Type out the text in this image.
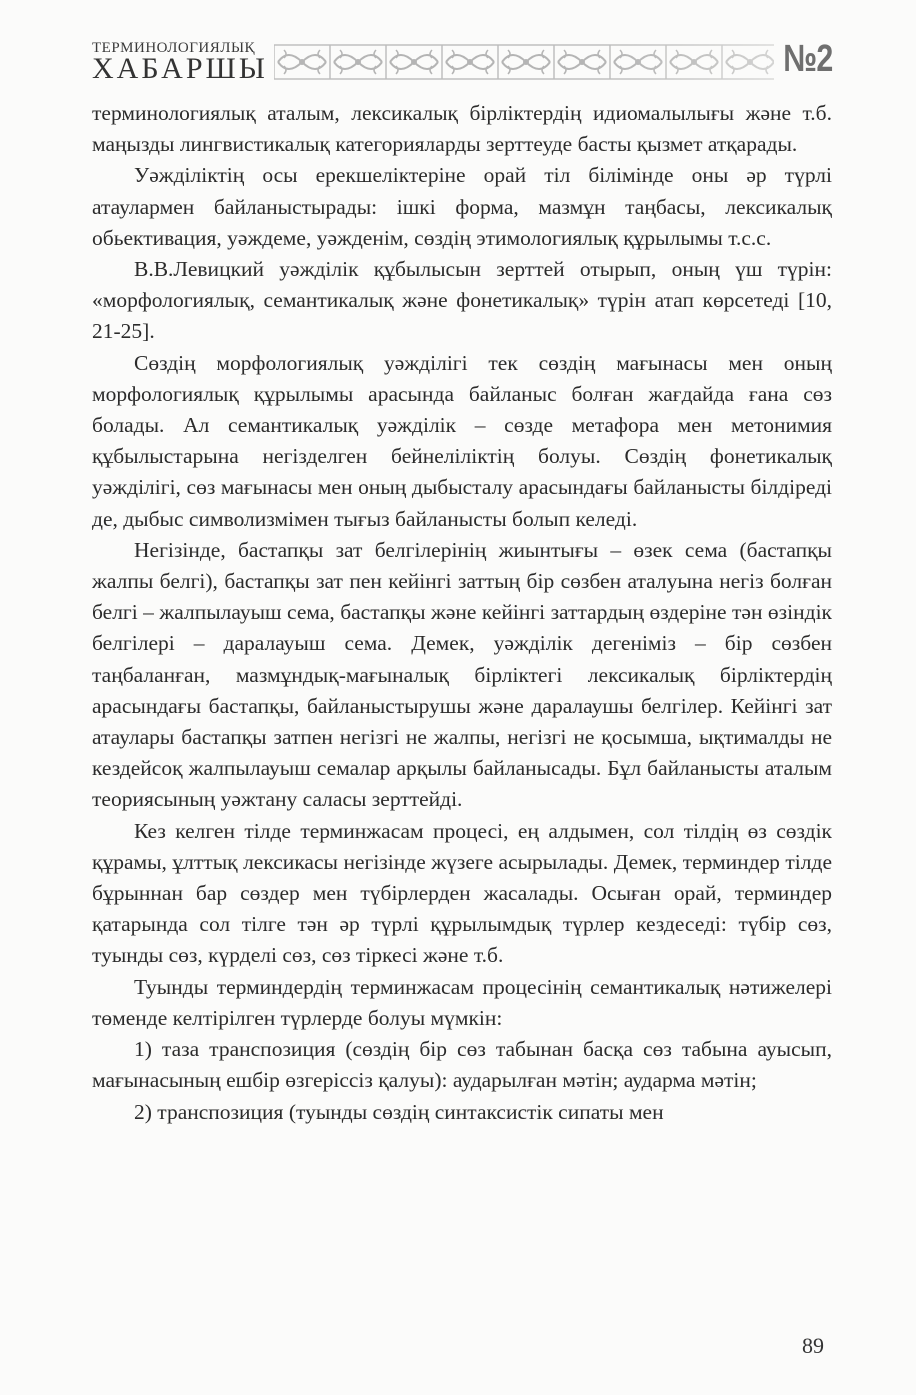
ТЕРМИНОЛОГИЯЛЫҚ
ХАБАРШЫ	№2

терминологиялық аталым, лексикалық бірліктердің идиомалылығы және т.б. маңызды лингвистикалық категорияларды зерттеуде басты қызмет атқарады.

Уәжділіктің осы ерекшеліктеріне орай тіл білімінде оны әр түрлі атаулармен байланыстырады: ішкі форма, мазмұн таңбасы, лексикалық обьективация, уәждеме, уәжденім, сөздің этимологиялық құрылымы т.с.с.

В.В.Левицкий уәжділік құбылысын зерттей отырып, оның үш түрін: «морфологиялық, семантикалық және фонетикалық» түрін атап көрсетеді [10, 21-25].

Сөздің морфологиялық уәжділігі тек сөздің мағынасы мен оның морфологиялық құрылымы арасында байланыс болған жағдайда ғана сөз болады. Ал семантикалық уәжділік – сөзде метафора мен метонимия құбылыстарына негізделген бейнеліліктің болуы. Сөздің фонетикалық уәжділігі, сөз мағынасы мен оның дыбысталу арасындағы байланысты білдіреді де, дыбыс символизмімен тығыз байланысты болып келеді.

Негізінде, бастапқы зат белгілерінің жиынтығы – өзек сема (бастапқы жалпы белгі), бастапқы зат пен кейінгі заттың бір сөзбен аталуына негіз болған белгі – жалпылауыш сема, бастапқы және кейінгі заттардың өздеріне тән өзіндік белгілері – даралауыш сема. Демек, уәжділік дегеніміз – бір сөзбен таңбаланған, мазмұндық-мағыналық бірліктегі лексикалық бірліктердің арасындағы бастапқы, байланыстырушы және даралаушы белгілер. Кейінгі зат атаулары бастапқы затпен негізгі не жалпы, негізгі не қосымша, ықтималды не кездейсоқ жалпылауыш семалар арқылы байланысады. Бұл байланысты аталым теориясының уәжтану саласы зерттейді.

Кез келген тілде терминжасам процесі, ең алдымен, сол тілдің өз сөздік құрамы, ұлттық лексикасы негізінде жүзеге асырылады. Демек, терминдер тілде бұрыннан бар сөздер мен түбірлерден жасалады. Осыған орай, терминдер қатарында сол тілге тән әр түрлі құрылымдық түрлер кездеседі: түбір сөз, туынды сөз, күрделі сөз, сөз тіркесі және т.б.

Туынды терминдердің терминжасам процесінің семантикалық нәтижелері төменде келтірілген түрлерде болуы мүмкін:

1) таза транспозиция (сөздің бір сөз табынан басқа сөз табына ауысып, мағынасының ешбір өзгеріссіз қалуы): аударылған мәтін; аударма мәтін;

2) транспозиция (туынды сөздің синтаксистік сипаты мен

89
